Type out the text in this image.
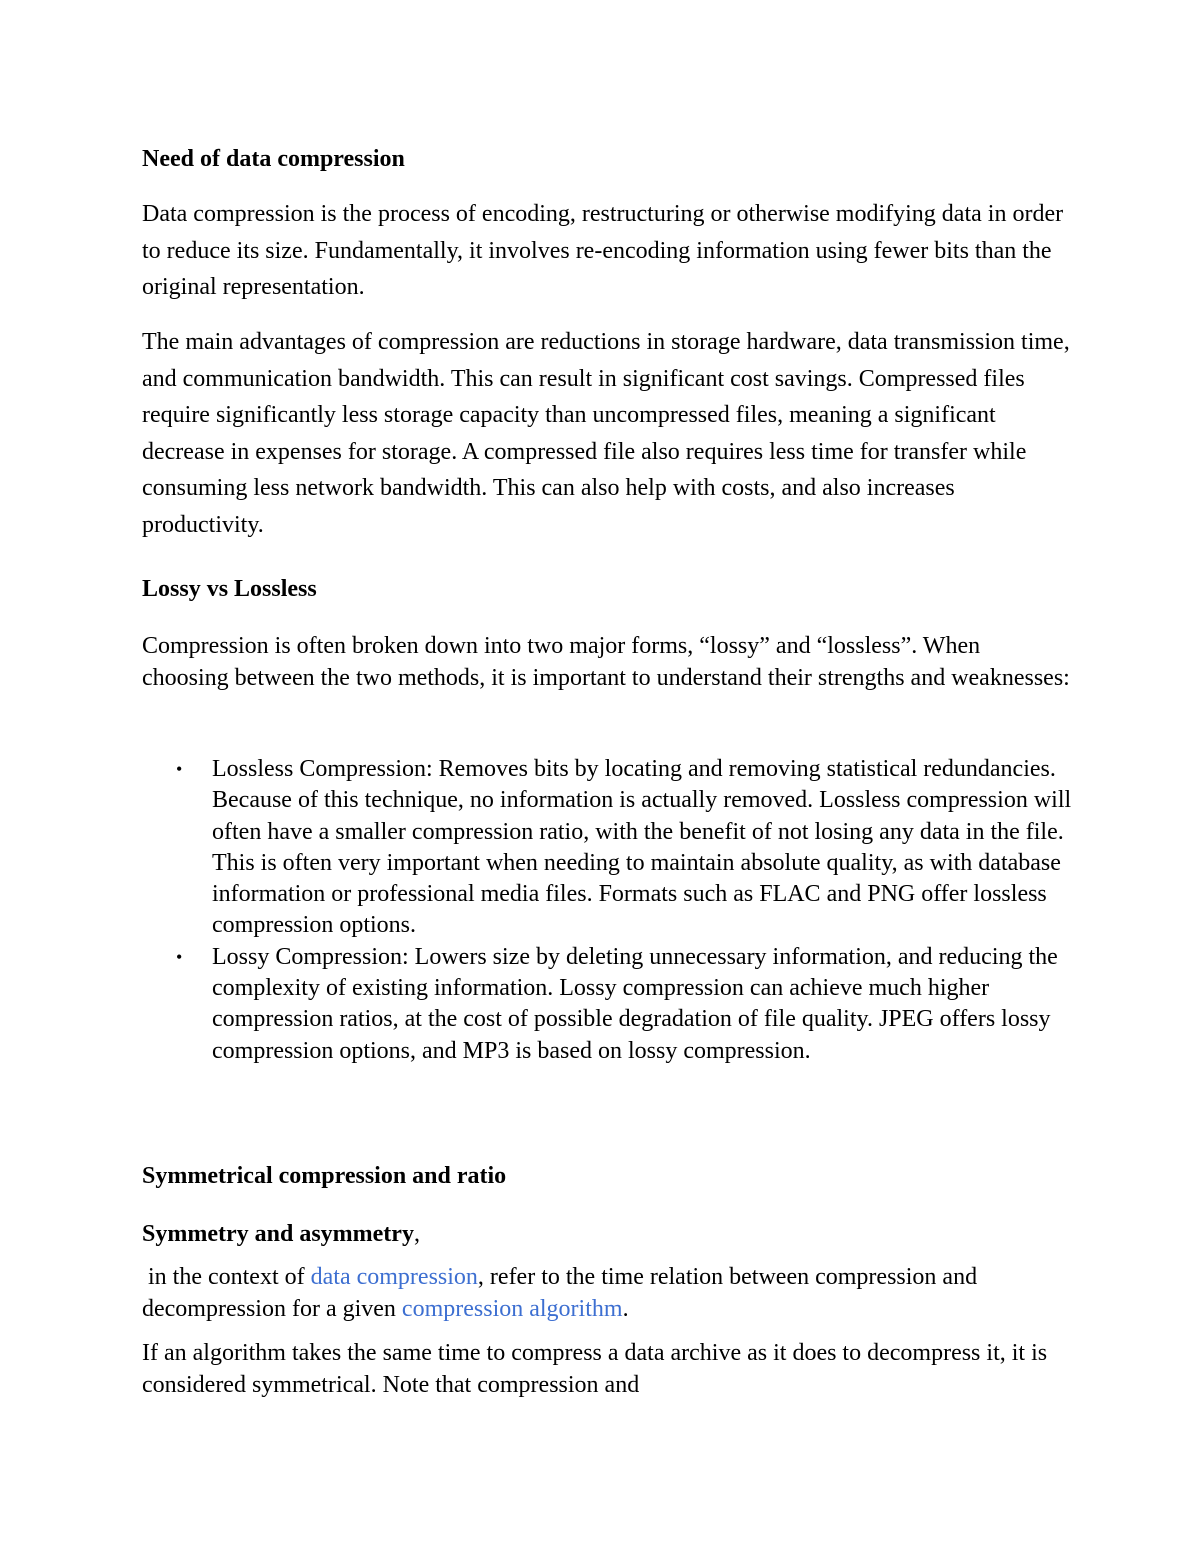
Need of data compression

Data compression is the process of encoding, restructuring or otherwise modifying data in order to reduce its size. Fundamentally, it involves re-encoding information using fewer bits than the original representation.

The main advantages of compression are reductions in storage hardware, data transmission time, and communication bandwidth. This can result in significant cost savings. Compressed files require significantly less storage capacity than uncompressed files, meaning a significant decrease in expenses for storage. A compressed file also requires less time for transfer while consuming less network bandwidth. This can also help with costs, and also increases productivity.

Lossy vs Lossless

Compression is often broken down into two major forms, “lossy” and “lossless”. When choosing between the two methods, it is important to understand their strengths and weaknesses:

• Lossless Compression: Removes bits by locating and removing statistical redundancies. Because of this technique, no information is actually removed. Lossless compression will often have a smaller compression ratio, with the benefit of not losing any data in the file. This is often very important when needing to maintain absolute quality, as with database information or professional media files. Formats such as FLAC and PNG offer lossless compression options.
• Lossy Compression: Lowers size by deleting unnecessary information, and reducing the complexity of existing information. Lossy compression can achieve much higher compression ratios, at the cost of possible degradation of file quality. JPEG offers lossy compression options, and MP3 is based on lossy compression.
Symmetrical compression and ratio

Symmetry and asymmetry,

in the context of data compression, refer to the time relation between compression and decompression for a given compression algorithm.

If an algorithm takes the same time to compress a data archive as it does to decompress it, it is considered symmetrical. Note that compression and
